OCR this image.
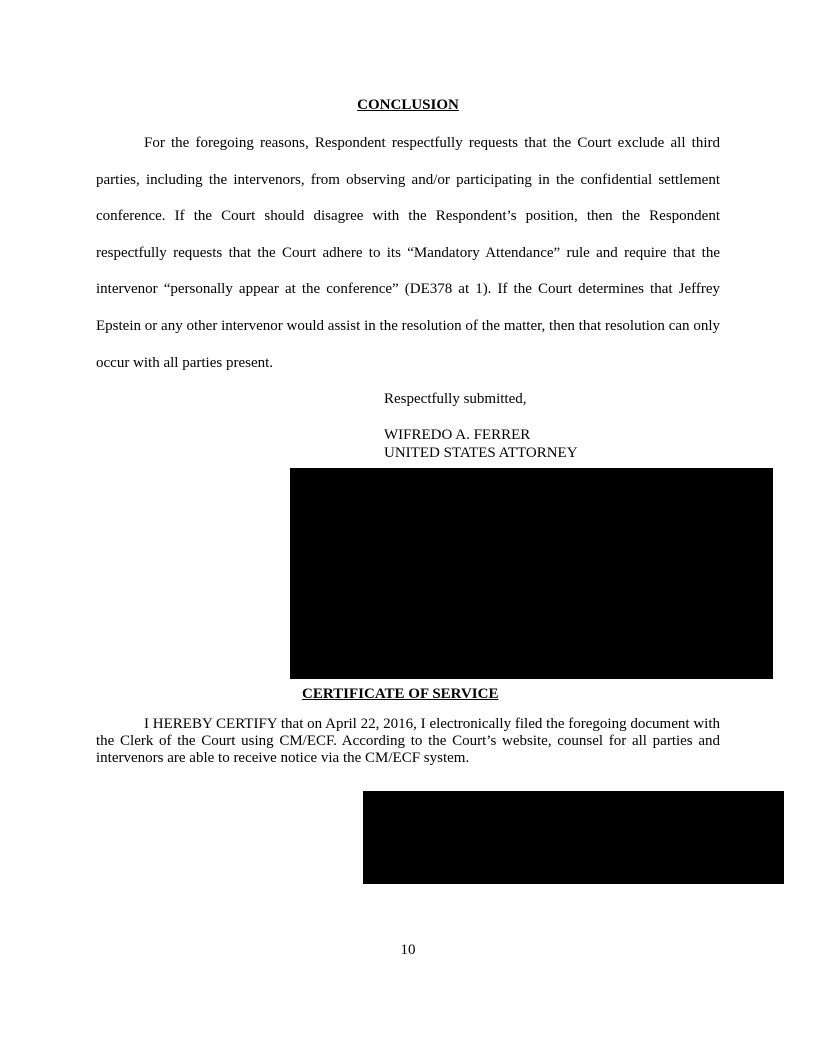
CONCLUSION

For the foregoing reasons, Respondent respectfully requests that the Court exclude all third parties, including the intervenors, from observing and/or participating in the confidential settlement conference. If the Court should disagree with the Respondent’s position, then the Respondent respectfully requests that the Court adhere to its “Mandatory Attendance” rule and require that the intervenor “personally appear at the conference” (DE378 at 1). If the Court determines that Jeffrey Epstein or any other intervenor would assist in the resolution of the matter, then that resolution can only occur with all parties present.

Respectfully submitted,
WIFREDO A. FERRER
UNITED STATES ATTORNEY
CERTIFICATE OF SERVICE

I HEREBY CERTIFY that on April 22, 2016, I electronically filed the foregoing document with the Clerk of the Court using CM/ECF. According to the Court’s website, counsel for all parties and intervenors are able to receive notice via the CM/ECF system.

10
